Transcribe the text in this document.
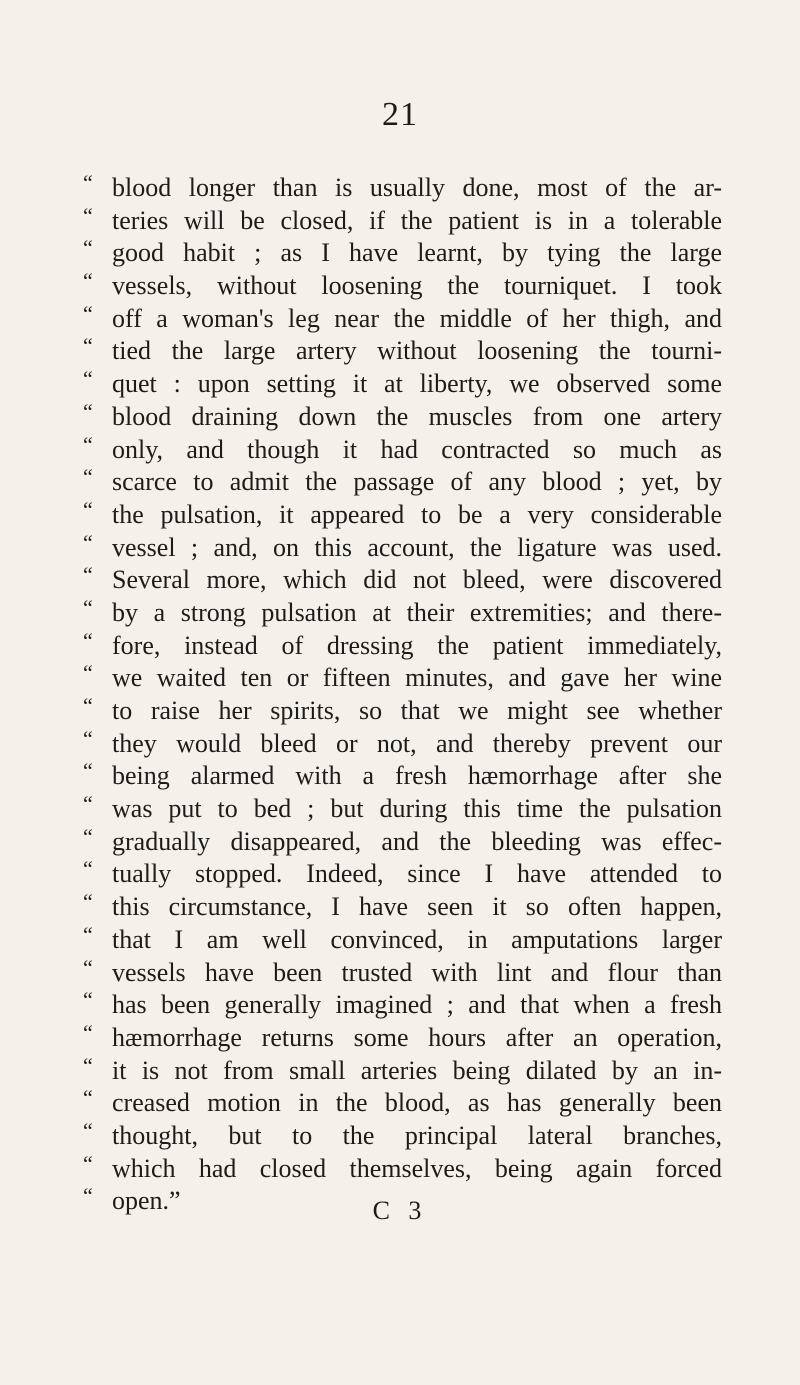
21
“ blood longer than is usually done, most of the ar-
“ teries will be closed, if the patient is in a tolerable
“ good habit ; as I have learnt, by tying the large
“ vessels, without loosening the tourniquet. I took
“ off a woman's leg near the middle of her thigh, and
“ tied the large artery without loosening the tourni-
“ quet : upon setting it at liberty, we observed some
“ blood draining down the muscles from one artery
“ only, and though it had contracted so much as
“ scarce to admit the passage of any blood ; yet, by
“ the pulsation, it appeared to be a very considerable
“ vessel ; and, on this account, the ligature was used.
“ Several more, which did not bleed, were discovered
“ by a strong pulsation at their extremities; and there-
“ fore, instead of dressing the patient immediately,
“ we waited ten or fifteen minutes, and gave her wine
“ to raise her spirits, so that we might see whether
“ they would bleed or not, and thereby prevent our
“ being alarmed with a fresh hæmorrhage after she
“ was put to bed ; but during this time the pulsation
“ gradually disappeared, and the bleeding was effec-
“ tually stopped. Indeed, since I have attended to
“ this circumstance, I have seen it so often happen,
“ that I am well convinced, in amputations larger
“ vessels have been trusted with lint and flour than
“ has been generally imagined ; and that when a fresh
“ hæmorrhage returns some hours after an operation,
“ it is not from small arteries being dilated by an in-
“ creased motion in the blood, as has generally been
“ thought, but to the principal lateral branches,
“ which had closed themselves, being again forced
“ open.”	C 3
